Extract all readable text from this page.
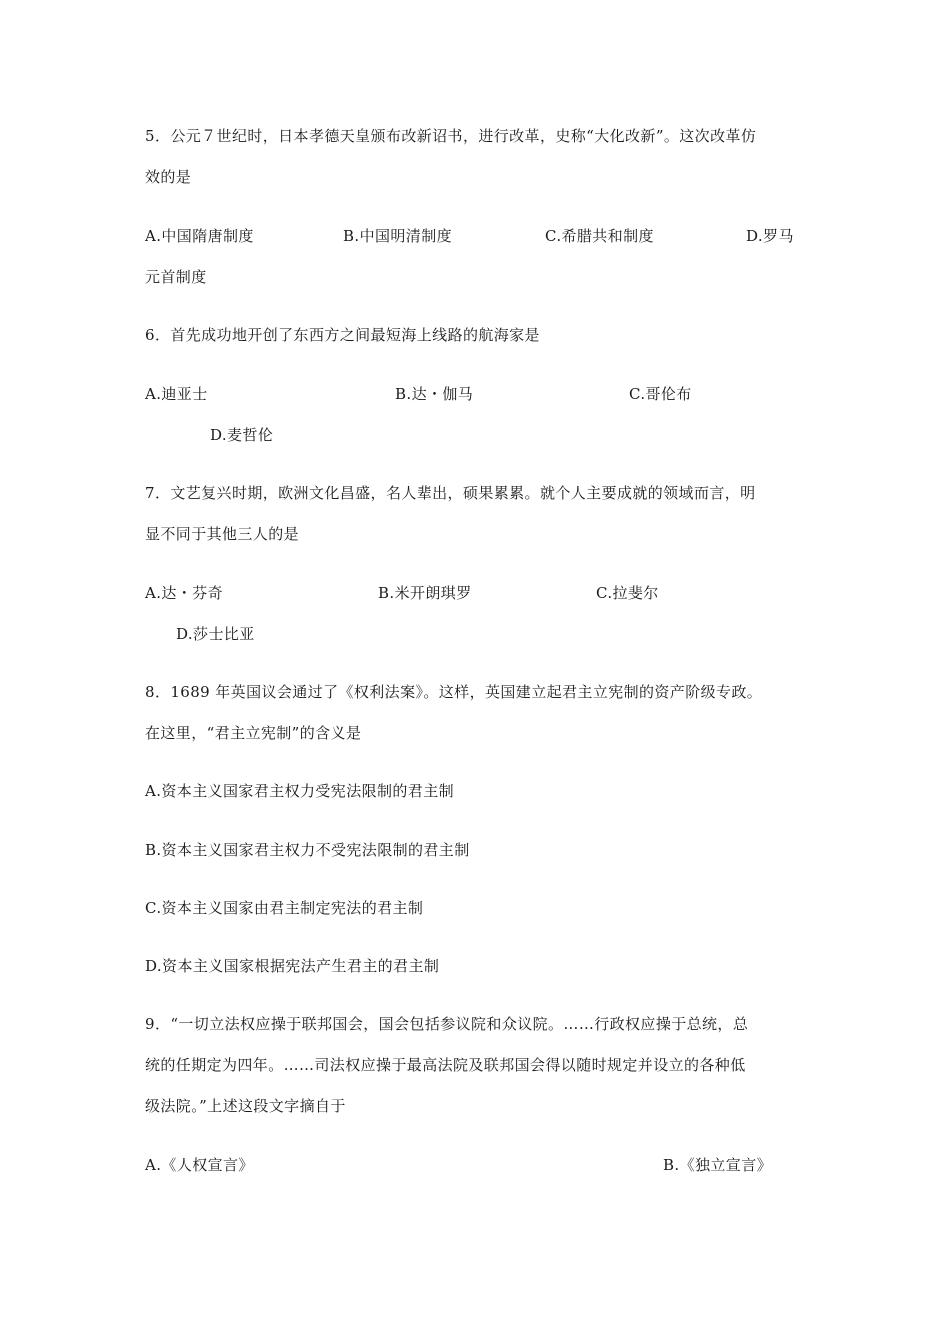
5．公元７世纪时，日本孝德天皇颁布改新诏书，进行改革，史称“大化改新”。这次改革仿
效的是
A.中国隋唐制度	B.中国明清制度	C.希腊共和制度	D.罗马
元首制度
6．首先成功地开创了东西方之间最短海上线路的航海家是
A.迪亚士	B.达・伽马	C.哥伦布
D.麦哲伦
7．文艺复兴时期，欧洲文化昌盛，名人辈出，硕果累累。就个人主要成就的领域而言，明
显不同于其他三人的是
A.达・芬奇	B.米开朗琪罗	C.拉斐尔
D.莎士比亚
8．1689 年英国议会通过了《权利法案》。这样，英国建立起君主立宪制的资产阶级专政。
在这里，“君主立宪制”的含义是
A.资本主义国家君主权力受宪法限制的君主制
B.资本主义国家君主权力不受宪法限制的君主制
C.资本主义国家由君主制定宪法的君主制
D.资本主义国家根据宪法产生君主的君主制
9．“一切立法权应操于联邦国会，国会包括参议院和众议院。……行政权应操于总统，总
统的任期定为四年。……司法权应操于最高法院及联邦国会得以随时规定并设立的各种低
级法院。”上述这段文字摘自于
A.《人权宣言》	B.《独立宣言》
